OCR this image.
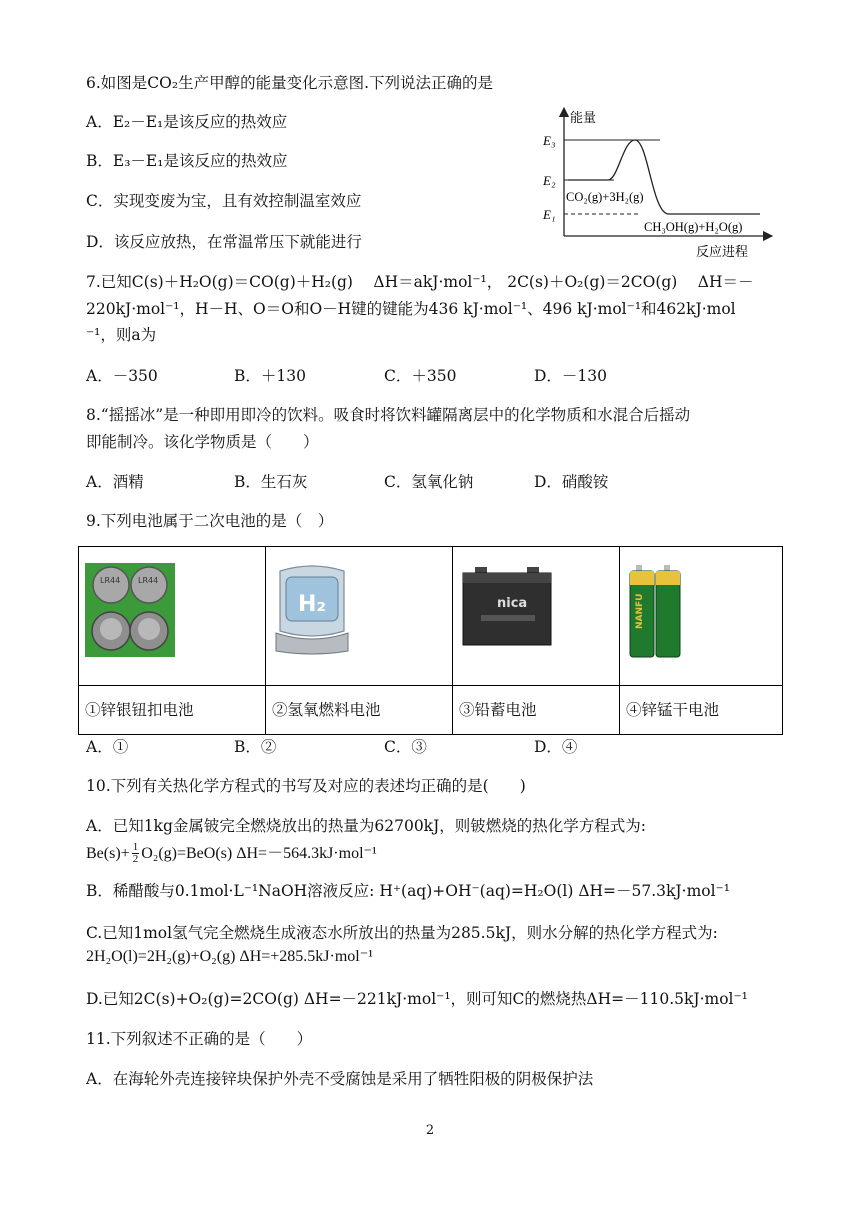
6.如图是CO₂生产甲醇的能量变化示意图.下列说法正确的是
A．E₂－E₁是该反应的热效应
B．E₃－E₁是该反应的热效应
C．实现变废为宝，且有效控制温室效应
D．该反应放热，在常温常压下就能进行
能量
反应进程
E₃
E₂
E₁
CO₂(g)+3H₂(g)
CH₃OH(g)+H₂O(g)
7.已知C(s)＋H₂O(g)＝CO(g)＋H₂(g)　 ΔH＝akJ·mol⁻¹， 2C(s)＋O₂(g)＝2CO(g)　 ΔH＝－
220kJ·mol⁻¹，H－H、O＝O和O－H键的键能为436 kJ·mol⁻¹、496 kJ·mol⁻¹和462kJ·mol
⁻¹，则a为
A．－350	B．＋130	C．＋350	D．－130
8.“摇摇冰”是一种即用即冷的饮料。吸食时将饮料罐隔离层中的化学物质和水混合后摇动
即能制冷。该化学物质是（　　）
A．酒精	B．生石灰	C．氢氧化钠	D．硝酸铵
9.下列电池属于二次电池的是（　）
LR44 LR44	H₂	nica	NANFU

①锌银钮扣电池	②氢氧燃料电池	③铅蓄电池	④锌锰干电池
A．①	B．②	C．③	D．④
10.下列有关热化学方程式的书写及对应的表述均正确的是(　　)
A．已知1kg金属铍完全燃烧放出的热量为62700kJ，则铍燃烧的热化学方程式为:
$Be(s)+ \frac{1}{2} O_2(g)=BeO(s)$ ΔH=－564.3kJ·mol⁻¹
B．稀醋酸与0.1mol·L⁻¹NaOH溶液反应: H⁺(aq)+OH⁻(aq)=H₂O(l) ΔH=－57.3kJ·mol⁻¹
C.已知1mol氢气完全燃烧生成液态水所放出的热量为285.5kJ，则水分解的热化学方程式为:
2H₂O(l)=2H₂(g)+O₂(g) ΔH=+285.5kJ·mol⁻¹
D.已知2C(s)+O₂(g)=2CO(g) ΔH=－221kJ·mol⁻¹，则可知C的燃烧热ΔH=－110.5kJ·mol⁻¹
11.下列叙述不正确的是（　　）
A．在海轮外壳连接锌块保护外壳不受腐蚀是采用了牺牲阳极的阴极保护法
2
